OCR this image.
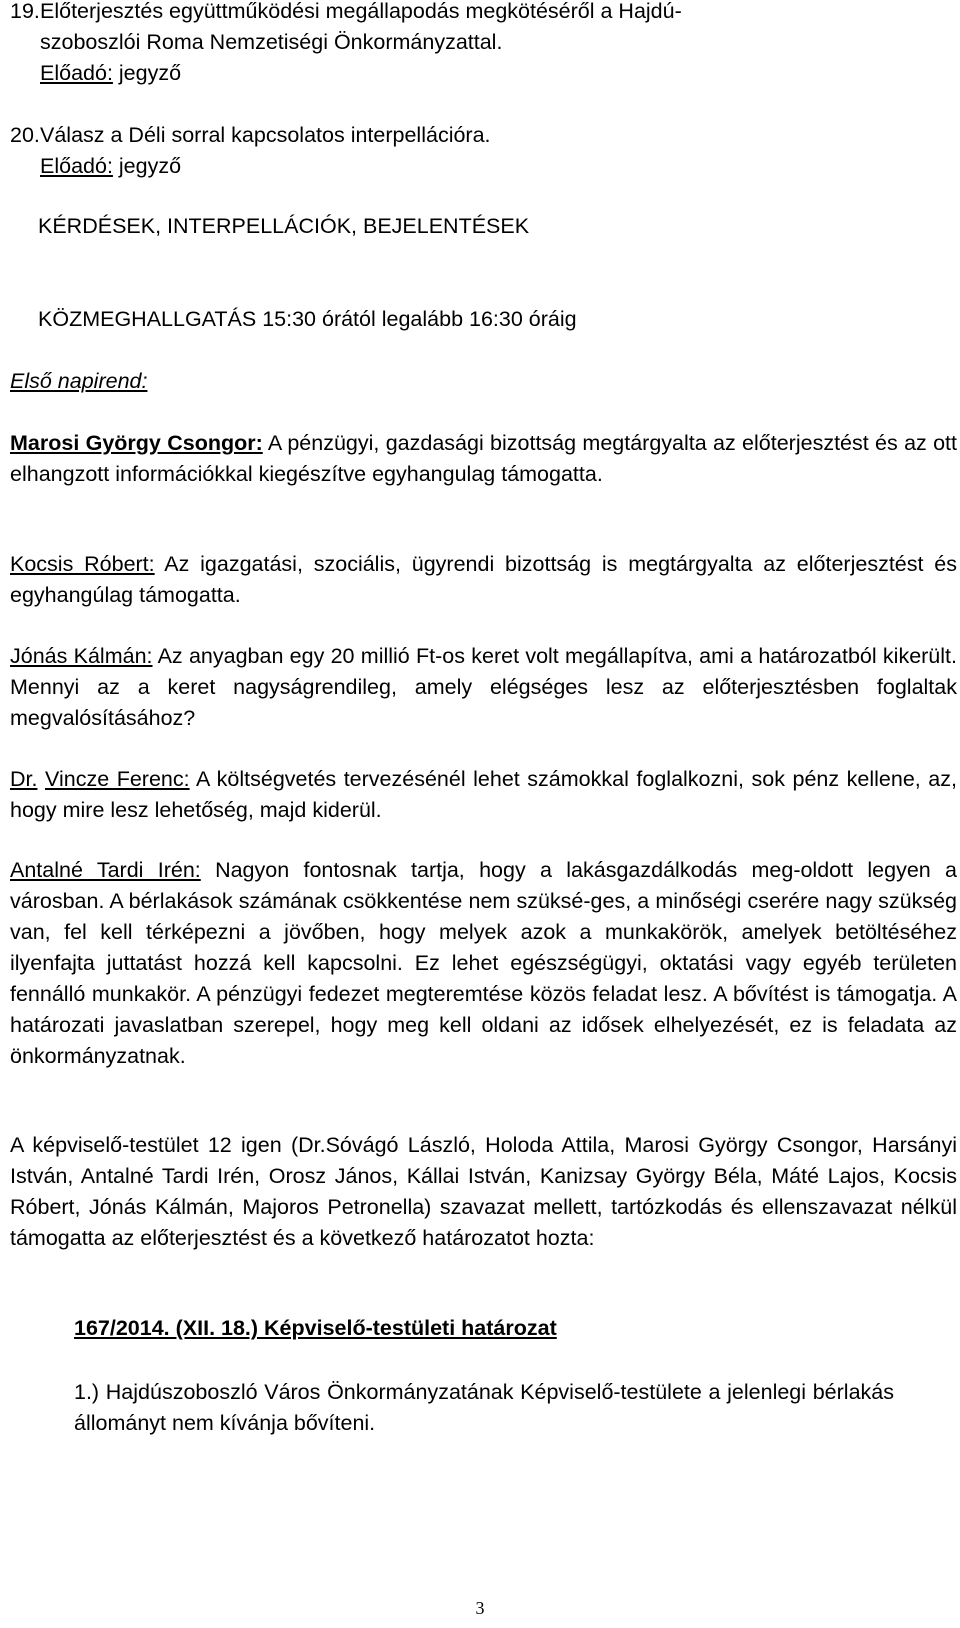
19.Előterjesztés együttműködési megállapodás megkötéséről a Hajdú-
szoboszlói Roma Nemzetiségi Önkormányzattal.
Előadó: jegyző
20.Válasz a Déli sorral kapcsolatos interpellációra.
Előadó: jegyző
KÉRDÉSEK, INTERPELLÁCIÓK, BEJELENTÉSEK
KÖZMEGHALLGATÁS 15:30 órától legalább 16:30 óráig
Első napirend:

Marosi György Csongor: A pénzügyi, gazdasági bizottság megtárgyalta az előterjesztést és az ott elhangzott információkkal kiegészítve egyhangulag támogatta.

Kocsis Róbert: Az igazgatási, szociális, ügyrendi bizottság is megtárgyalta az előterjesztést és egyhangúlag támogatta.

Jónás Kálmán: Az anyagban egy 20 millió Ft-os keret volt megállapítva, ami a határozatból kikerült. Mennyi az a keret nagyságrendileg, amely elégséges lesz az előterjesztésben foglaltak megvalósításához?

Dr. Vincze Ferenc: A költségvetés tervezésénél lehet számokkal foglalkozni, sok pénz kellene, az, hogy mire lesz lehetőség, majd kiderül.

Antalné Tardi Irén: Nagyon fontosnak tartja, hogy a lakásgazdálkodás meg-oldott legyen a városban. A bérlakások számának csökkentése nem szüksé-ges, a minőségi cserére nagy szükség van, fel kell térképezni a jövőben, hogy melyek azok a munkakörök, amelyek betöltéséhez ilyenfajta juttatást hozzá kell kapcsolni. Ez lehet egészségügyi, oktatási vagy egyéb területen fennálló munkakör. A pénzügyi fedezet megteremtése közös feladat lesz. A bővítést is támogatja. A határozati javaslatban szerepel, hogy meg kell oldani az idősek elhelyezését, ez is feladata az önkormányzatnak.

A képviselő-testület 12 igen (Dr.Sóvágó László, Holoda Attila, Marosi György Csongor, Harsányi István, Antalné Tardi Irén, Orosz János, Kállai István, Kanizsay György Béla, Máté Lajos, Kocsis Róbert, Jónás Kálmán, Majoros Petronella) szavazat mellett, tartózkodás és ellenszavazat nélkül támogatta az előterjesztést és a következő határozatot hozta:

167/2014. (XII. 18.) Képviselő-testületi határozat
1.) Hajdúszoboszló Város Önkormányzatának Képviselő-testülete a jelenlegi bérlakás állományt nem kívánja bővíteni.
3
